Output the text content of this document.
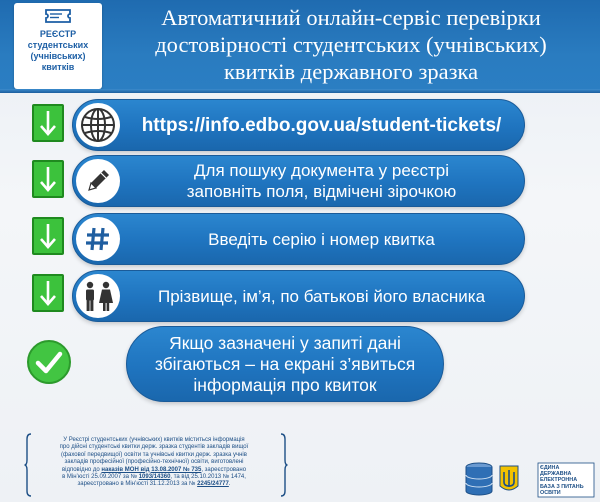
РЕЄСТР
студентських
(учнівських)
квитків
Автоматичний онлайн-сервіс перевірки
достовірності студентських (учнівських)
квитків державного зразка
https://info.edbo.gov.ua/student-tickets/
Для пошуку документа у реєстрі
заповніть поля, відмічені зірочкою
Введіть серію і номер квитка
Прізвище, ім’я, по батькові його власника
Якщо зазначені у запиті дані
збігаються – на екрані з’явиться
інформація про квиток
У Реєстрі студентських (учнівських) квитків міститься інформація
про дійсні студентські квитки держ. зразка студентів закладів вищої
(фахової передвищої) освіти та учнівські квитки держ. зразка учнів
закладів професійної (професійно-технічної) освіти, виготовлені
відповідно до наказів МОН від 13.08.2007 № 735, зареєстровано
в Мін’юсті 25.09.2007 за № 1093/14360, та від 25.10.2013 № 1474,
зареєстровано в Мін’юсті 31.12.2013 за № 2245/24777.
ЄДИНА
ДЕРЖАВНА
ЕЛЕКТРОННА
БАЗА З ПИТАНЬ
ОСВІТИ
